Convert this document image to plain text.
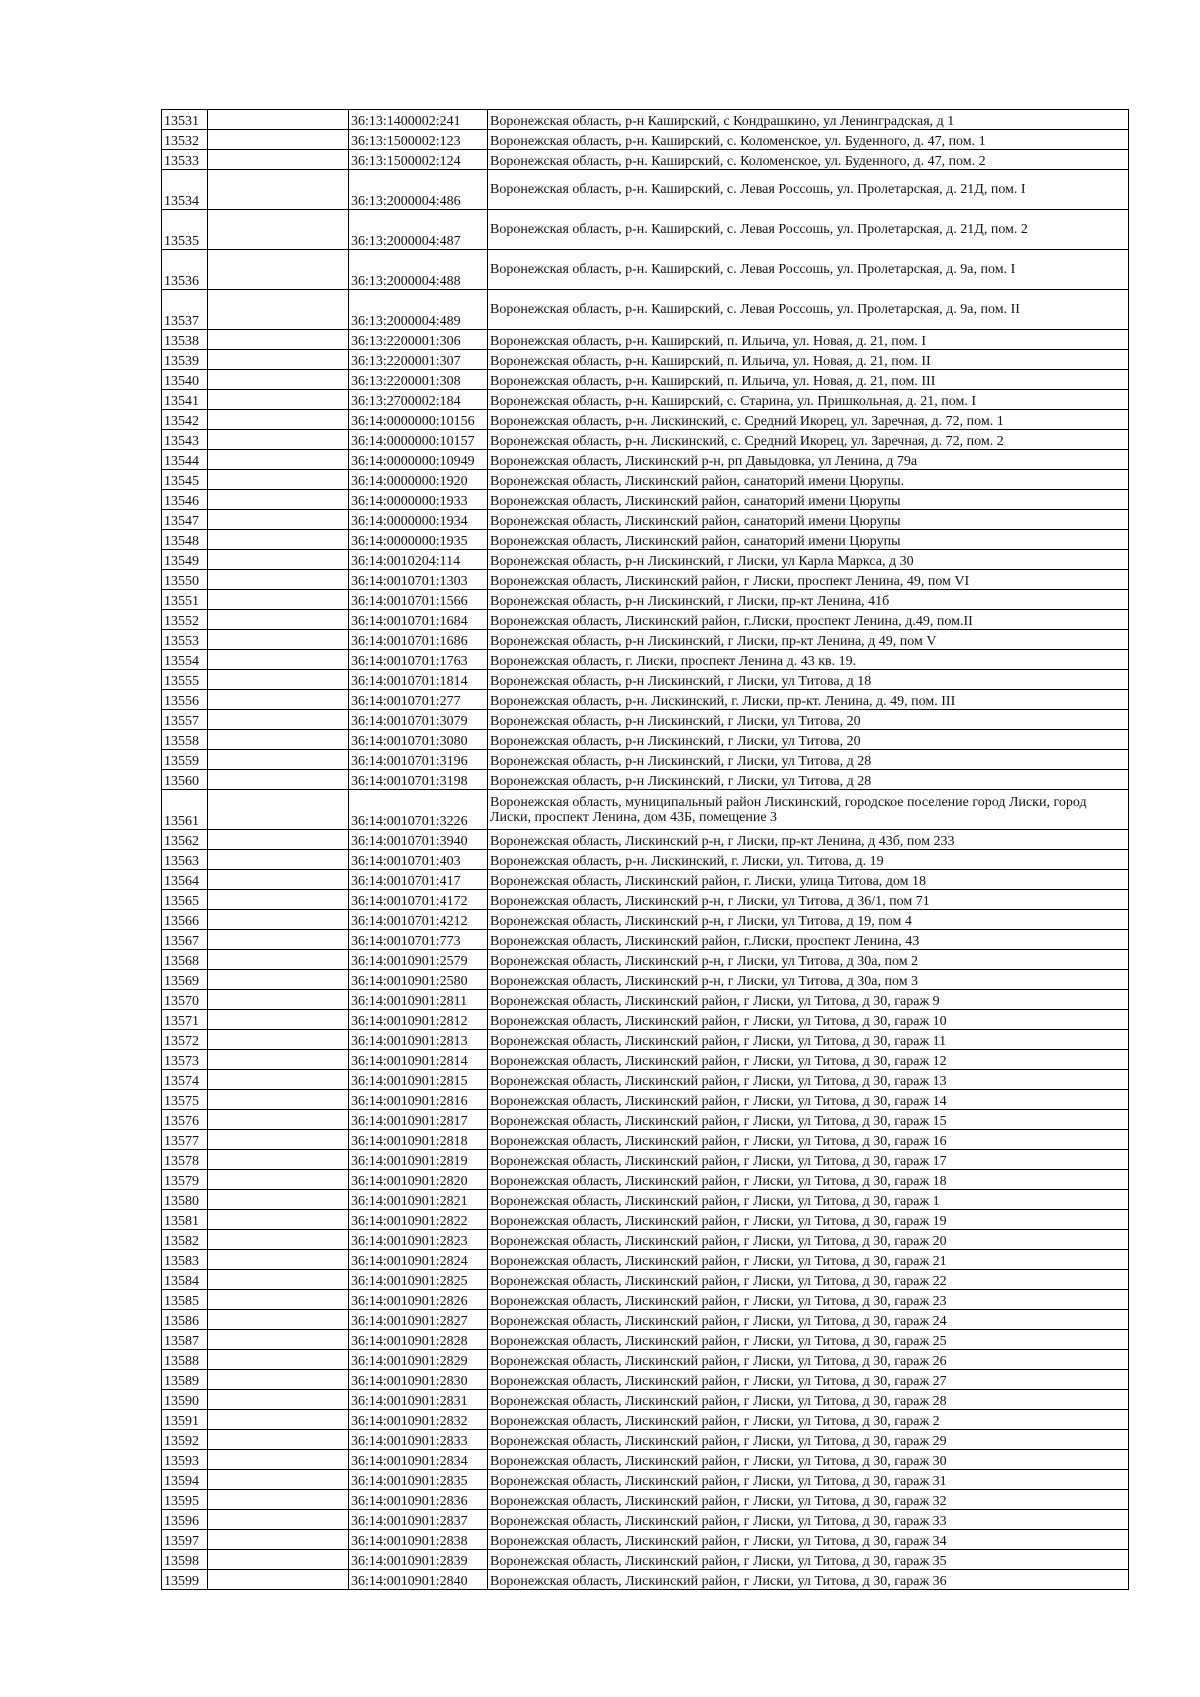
13531		36:13:1400002:241	Воронежская область, р-н Каширский, с Кондрашкино, ул Ленинградская, д 1
13532		36:13:1500002:123	Воронежская область, р-н. Каширский, с. Коломенское, ул. Буденного, д. 47, пом. 1
13533		36:13:1500002:124	Воронежская область, р-н. Каширский, с. Коломенское, ул. Буденного, д. 47, пом. 2
13534		36:13:2000004:486	Воронежская область, р-н. Каширский, с. Левая Россошь, ул. Пролетарская, д. 21Д, пом. I
13535		36:13:2000004:487	Воронежская область, р-н. Каширский, с. Левая Россошь, ул. Пролетарская, д. 21Д, пом. 2
13536		36:13:2000004:488	Воронежская область, р-н. Каширский, с. Левая Россошь, ул. Пролетарская, д. 9а, пом. I
13537		36:13:2000004:489	Воронежская область, р-н. Каширский, с. Левая Россошь, ул. Пролетарская, д. 9а, пом. II
13538		36:13:2200001:306	Воронежская область, р-н. Каширский, п. Ильича, ул. Новая, д. 21, пом. I
13539		36:13:2200001:307	Воронежская область, р-н. Каширский, п. Ильича, ул. Новая, д. 21, пом. II
13540		36:13:2200001:308	Воронежская область, р-н. Каширский, п. Ильича, ул. Новая, д. 21, пом. III
13541		36:13:2700002:184	Воронежская область, р-н. Каширский, с. Старина, ул. Пришкольная, д. 21, пом. I
13542		36:14:0000000:10156	Воронежская область, р-н. Лискинский, с. Средний Икорец, ул. Заречная, д. 72, пом. 1
13543		36:14:0000000:10157	Воронежская область, р-н. Лискинский, с. Средний Икорец, ул. Заречная, д. 72, пом. 2
13544		36:14:0000000:10949	Воронежская область, Лискинский р-н, рп Давыдовка, ул Ленина, д 79а
13545		36:14:0000000:1920	Воронежская область, Лискинский район, санаторий имени Цюрупы.
13546		36:14:0000000:1933	Воронежская область, Лискинский район, санаторий имени Цюрупы
13547		36:14:0000000:1934	Воронежская область, Лискинский район, санаторий имени Цюрупы
13548		36:14:0000000:1935	Воронежская область, Лискинский район, санаторий имени Цюрупы
13549		36:14:0010204:114	Воронежская область, р-н Лискинский, г Лиски, ул Карла Маркса, д 30
13550		36:14:0010701:1303	Воронежская область, Лискинский район, г Лиски, проспект Ленина, 49, пом VI
13551		36:14:0010701:1566	Воронежская область, р-н Лискинский, г Лиски, пр-кт Ленина, 41б
13552		36:14:0010701:1684	Воронежская область, Лискинский район, г.Лиски, проспект Ленина, д.49, пом.II
13553		36:14:0010701:1686	Воронежская область, р-н Лискинский, г Лиски, пр-кт Ленина, д 49, пом V
13554		36:14:0010701:1763	Воронежская область, г. Лиски, проспект Ленина д. 43 кв. 19.
13555		36:14:0010701:1814	Воронежская область, р-н Лискинский, г Лиски, ул Титова, д 18
13556		36:14:0010701:277	Воронежская область, р-н. Лискинский, г. Лиски, пр-кт. Ленина, д. 49, пом. III
13557		36:14:0010701:3079	Воронежская область, р-н Лискинский, г Лиски, ул Титова, 20
13558		36:14:0010701:3080	Воронежская область, р-н Лискинский, г Лиски, ул Титова, 20
13559		36:14:0010701:3196	Воронежская область, р-н Лискинский, г Лиски, ул Титова, д 28
13560		36:14:0010701:3198	Воронежская область, р-н Лискинский, г Лиски, ул Титова, д 28
13561		36:14:0010701:3226	Воронежская область, муниципальный район Лискинский, городское поселение город Лиски, город Лиски, проспект Ленина, дом 43Б, помещение 3
13562		36:14:0010701:3940	Воронежская область, Лискинский р-н, г Лиски, пр-кт Ленина, д 43б, пом 233
13563		36:14:0010701:403	Воронежская область, р-н. Лискинский, г. Лиски, ул. Титова, д. 19
13564		36:14:0010701:417	Воронежская область, Лискинский район, г. Лиски, улица Титова, дом 18
13565		36:14:0010701:4172	Воронежская область, Лискинский р-н, г Лиски, ул Титова, д 36/1, пом 71
13566		36:14:0010701:4212	Воронежская область, Лискинский р-н, г Лиски, ул Титова, д 19, пом 4
13567		36:14:0010701:773	Воронежская область, Лискинский район, г.Лиски, проспект Ленина, 43
13568		36:14:0010901:2579	Воронежская область, Лискинский р-н, г Лиски, ул Титова, д 30а, пом 2
13569		36:14:0010901:2580	Воронежская область, Лискинский р-н, г Лиски, ул Титова, д 30а, пом 3
13570		36:14:0010901:2811	Воронежская область, Лискинский район, г Лиски, ул Титова, д 30, гараж 9
13571		36:14:0010901:2812	Воронежская область, Лискинский район, г Лиски, ул Титова, д 30, гараж 10
13572		36:14:0010901:2813	Воронежская область, Лискинский район, г Лиски, ул Титова, д 30, гараж 11
13573		36:14:0010901:2814	Воронежская область, Лискинский район, г Лиски, ул Титова, д 30, гараж 12
13574		36:14:0010901:2815	Воронежская область, Лискинский район, г Лиски, ул Титова, д 30, гараж 13
13575		36:14:0010901:2816	Воронежская область, Лискинский район, г Лиски, ул Титова, д 30, гараж 14
13576		36:14:0010901:2817	Воронежская область, Лискинский район, г Лиски, ул Титова, д 30, гараж 15
13577		36:14:0010901:2818	Воронежская область, Лискинский район, г Лиски, ул Титова, д 30, гараж 16
13578		36:14:0010901:2819	Воронежская область, Лискинский район, г Лиски, ул Титова, д 30, гараж 17
13579		36:14:0010901:2820	Воронежская область, Лискинский район, г Лиски, ул Титова, д 30, гараж 18
13580		36:14:0010901:2821	Воронежская область, Лискинский район, г Лиски, ул Титова, д 30, гараж 1
13581		36:14:0010901:2822	Воронежская область, Лискинский район, г Лиски, ул Титова, д 30, гараж 19
13582		36:14:0010901:2823	Воронежская область, Лискинский район, г Лиски, ул Титова, д 30, гараж 20
13583		36:14:0010901:2824	Воронежская область, Лискинский район, г Лиски, ул Титова, д 30, гараж 21
13584		36:14:0010901:2825	Воронежская область, Лискинский район, г Лиски, ул Титова, д 30, гараж 22
13585		36:14:0010901:2826	Воронежская область, Лискинский район, г Лиски, ул Титова, д 30, гараж 23
13586		36:14:0010901:2827	Воронежская область, Лискинский район, г Лиски, ул Титова, д 30, гараж 24
13587		36:14:0010901:2828	Воронежская область, Лискинский район, г Лиски, ул Титова, д 30, гараж 25
13588		36:14:0010901:2829	Воронежская область, Лискинский район, г Лиски, ул Титова, д 30, гараж 26
13589		36:14:0010901:2830	Воронежская область, Лискинский район, г Лиски, ул Титова, д 30, гараж 27
13590		36:14:0010901:2831	Воронежская область, Лискинский район, г Лиски, ул Титова, д 30, гараж 28
13591		36:14:0010901:2832	Воронежская область, Лискинский район, г Лиски, ул Титова, д 30, гараж 2
13592		36:14:0010901:2833	Воронежская область, Лискинский район, г Лиски, ул Титова, д 30, гараж 29
13593		36:14:0010901:2834	Воронежская область, Лискинский район, г Лиски, ул Титова, д 30, гараж 30
13594		36:14:0010901:2835	Воронежская область, Лискинский район, г Лиски, ул Титова, д 30, гараж 31
13595		36:14:0010901:2836	Воронежская область, Лискинский район, г Лиски, ул Титова, д 30, гараж 32
13596		36:14:0010901:2837	Воронежская область, Лискинский район, г Лиски, ул Титова, д 30, гараж 33
13597		36:14:0010901:2838	Воронежская область, Лискинский район, г Лиски, ул Титова, д 30, гараж 34
13598		36:14:0010901:2839	Воронежская область, Лискинский район, г Лиски, ул Титова, д 30, гараж 35
13599		36:14:0010901:2840	Воронежская область, Лискинский район, г Лиски, ул Титова, д 30, гараж 36
